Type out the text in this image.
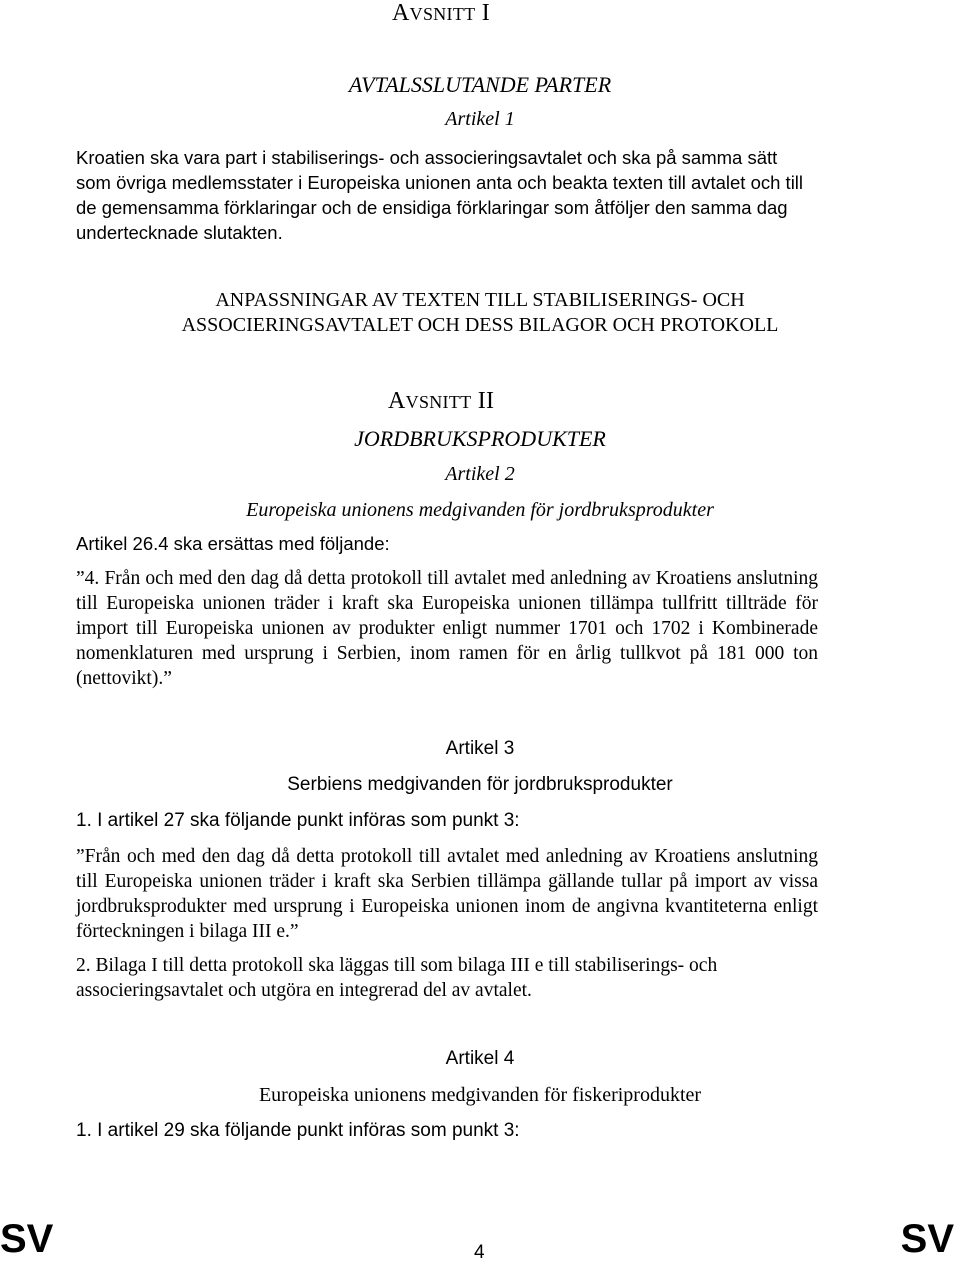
AVSNITT I
AVTALSSLUTANDE PARTER
Artikel 1

Kroatien ska vara part i stabiliserings- och associeringsavtalet och ska på samma sätt som övriga medlemsstater i Europeiska unionen anta och beakta texten till avtalet och till de gemensamma förklaringar och de ensidiga förklaringar som åtföljer den samma dag undertecknade slutakten.

ANPASSNINGAR AV TEXTEN TILL STABILISERINGS- OCH
ASSOCIERINGSAVTALET OCH DESS BILAGOR OCH PROTOKOLL
AVSNITT II
JORDBRUKSPRODUKTER
Artikel 2
Europeiska unionens medgivanden för jordbruksprodukter
Artikel 26.4 ska ersättas med följande:

”4. Från och med den dag då detta protokoll till avtalet med anledning av Kroatiens anslutning till Europeiska unionen träder i kraft ska Europeiska unionen tillämpa tullfritt tillträde för import till Europeiska unionen av produkter enligt nummer 1701 och 1702 i Kombinerade nomenklaturen med ursprung i Serbien, inom ramen för en årlig tullkvot på 181 000 ton (nettovikt).”

Artikel 3
Serbiens medgivanden för jordbruksprodukter
1. I artikel 27 ska följande punkt införas som punkt 3:

”Från och med den dag då detta protokoll till avtalet med anledning av Kroatiens anslutning till Europeiska unionen träder i kraft ska Serbien tillämpa gällande tullar på import av vissa jordbruksprodukter med ursprung i Europeiska unionen inom de angivna kvantiteterna enligt förteckningen i bilaga III e.”

2. Bilaga I till detta protokoll ska läggas till som bilaga III e till stabiliserings- och associeringsavtalet och utgöra en integrerad del av avtalet.

Artikel 4
Europeiska unionens medgivanden för fiskeriprodukter
1. I artikel 29 ska följande punkt införas som punkt 3:
SV	4	SV
